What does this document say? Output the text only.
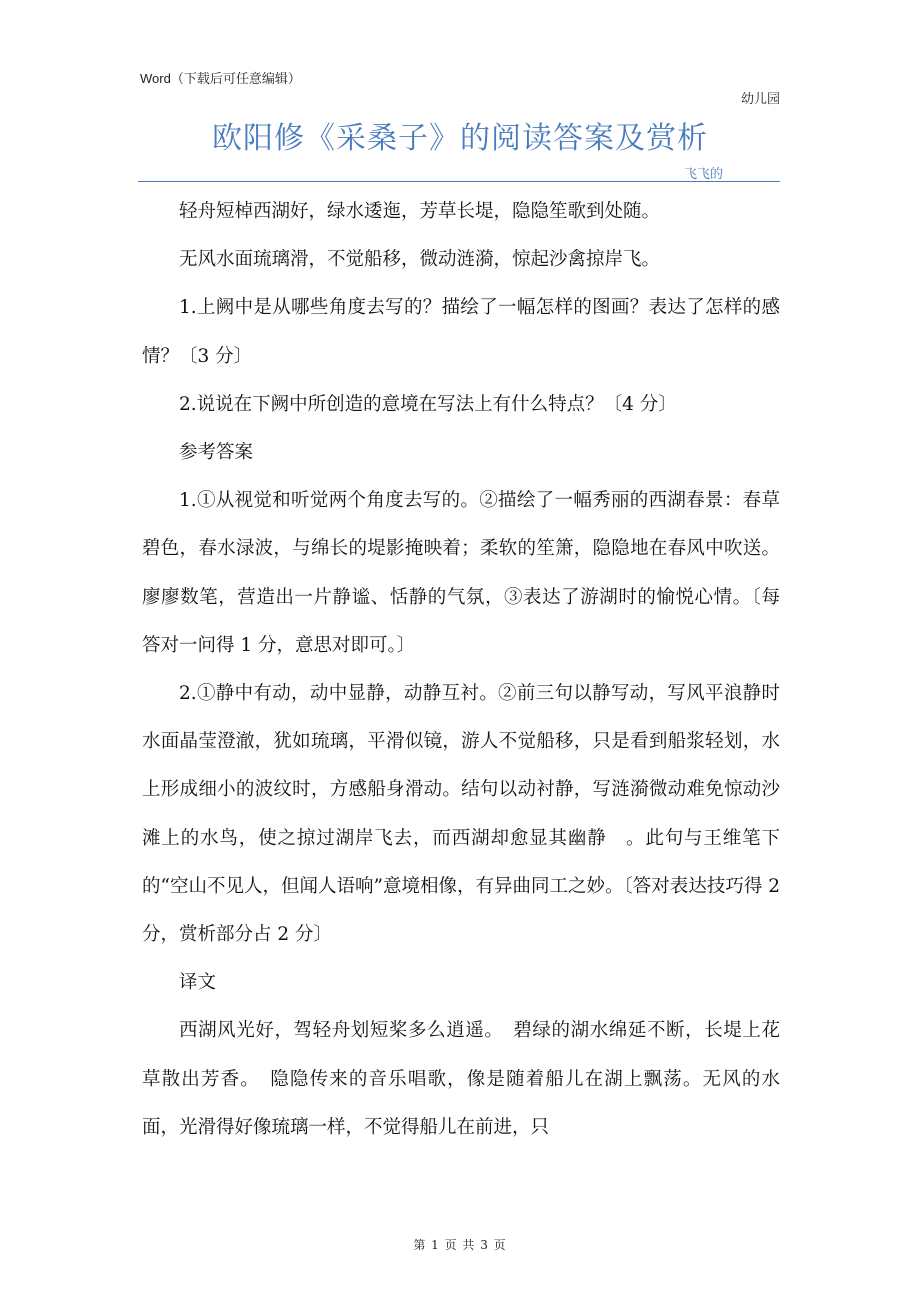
Word（下载后可任意编辑）
幼儿园
欧阳修《采桑子》的阅读答案及赏析
飞飞的

轻舟短棹西湖好，绿水逶迤，芳草长堤，隐隐笙歌到处随。

无风水面琉璃滑，不觉船移，微动涟漪，惊起沙禽掠岸飞。

1.上阙中是从哪些角度去写的？描绘了一幅怎样的图画？表达了怎样的感情？〔3 分〕

2.说说在下阙中所创造的意境在写法上有什么特点？〔4 分〕

参考答案

1.①从视觉和听觉两个角度去写的。②描绘了一幅秀丽的西湖春景：春草碧色，春水渌波，与绵长的堤影掩映着；柔软的笙箫，隐隐地在春风中吹送。廖廖数笔，营造出一片静谧、恬静的气氛，③表达了游湖时的愉悦心情。〔每答对一问得 1 分，意思对即可。〕

2.①静中有动，动中显静，动静互衬。②前三句以静写动，写风平浪静时水面晶莹澄澈，犹如琉璃，平滑似镜，游人不觉船移，只是看到船浆轻划，水上形成细小的波纹时，方感船身滑动。结句以动衬静，写涟漪微动难免惊动沙滩上的水鸟，使之掠过湖岸飞去，而西湖却愈显其幽静　。此句与王维笔下的“空山不见人，但闻人语响”意境相像，有异曲同工之妙。〔答对表达技巧得 2 分，赏析部分占 2 分〕

译文

西湖风光好，驾轻舟划短桨多么逍遥。　碧绿的湖水绵延不断，长堤上花草散出芳香。　隐隐传来的音乐唱歌，像是随着船儿在湖上飘荡。无风的水面，光滑得好像琉璃一样，不觉得船儿在前进，只

第 1 页 共 3 页
